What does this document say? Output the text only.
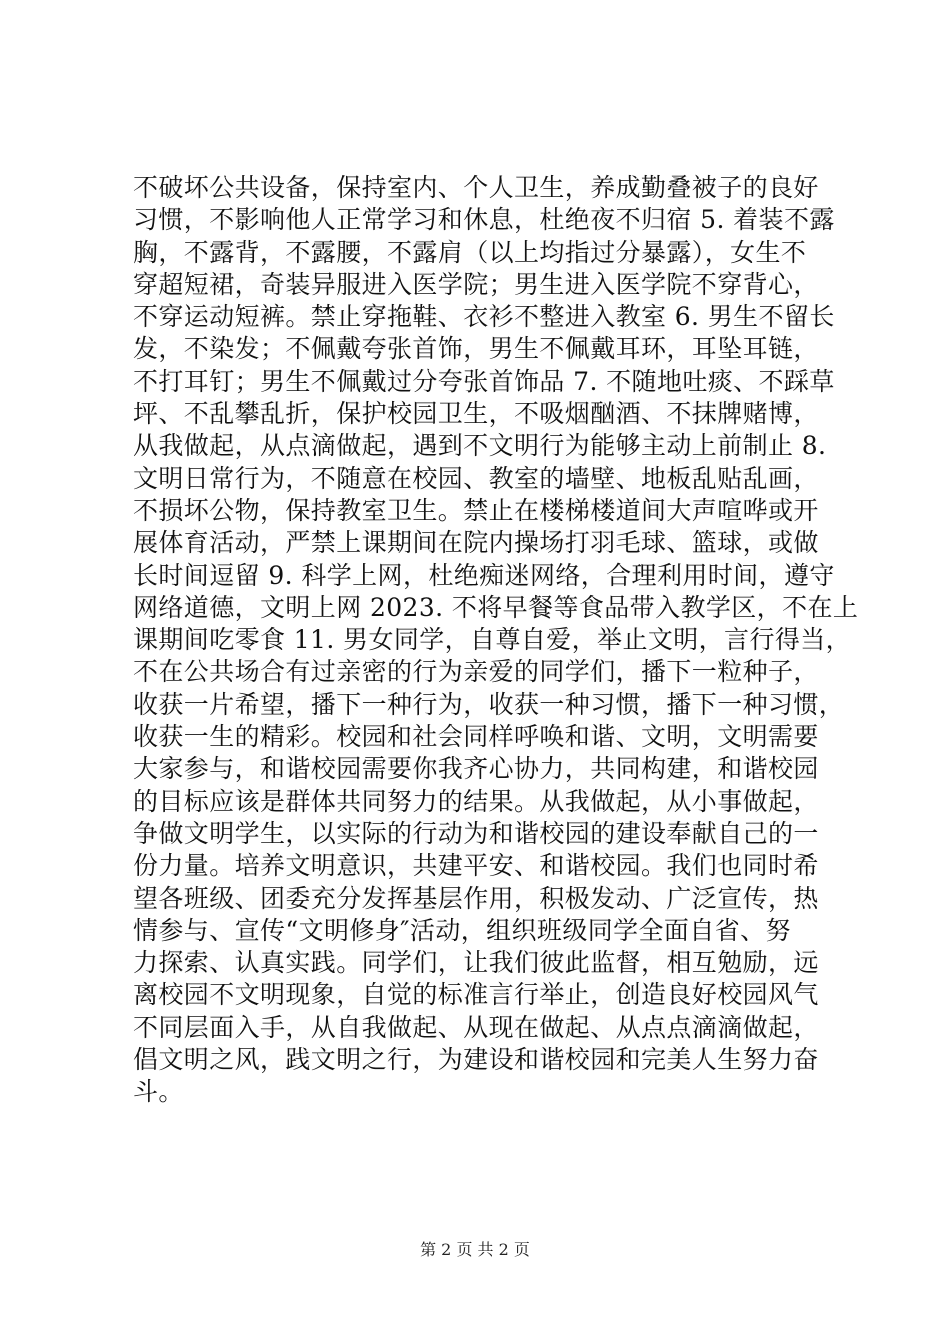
不破坏公共设备，保持室内、个人卫生，养成勤叠被子的良好
习惯，不影响他人正常学习和休息，杜绝夜不归宿 5. 着装不露
胸，不露背，不露腰，不露肩（以上均指过分暴露），女生不
穿超短裙，奇装异服进入医学院；男生进入医学院不穿背心，
不穿运动短裤。禁止穿拖鞋、衣衫不整进入教室 6. 男生不留长
发，不染发；不佩戴夸张首饰，男生不佩戴耳环，耳坠耳链，
不打耳钉；男生不佩戴过分夸张首饰品 7. 不随地吐痰、不踩草
坪、不乱攀乱折，保护校园卫生，不吸烟酗酒、不抹牌赌博，
从我做起，从点滴做起，遇到不文明行为能够主动上前制止 8.
文明日常行为，不随意在校园、教室的墙壁、地板乱贴乱画，
不损坏公物，保持教室卫生。禁止在楼梯楼道间大声喧哗或开
展体育活动，严禁上课期间在院内操场打羽毛球、篮球，或做
长时间逗留 9. 科学上网，杜绝痴迷网络，合理利用时间，遵守
网络道德，文明上网 2023. 不将早餐等食品带入教学区，不在上
课期间吃零食 11. 男女同学，自尊自爱，举止文明，言行得当，
不在公共场合有过亲密的行为亲爱的同学们，播下一粒种子，
收获一片希望，播下一种行为，收获一种习惯，播下一种习惯，
收获一生的精彩。校园和社会同样呼唤和谐、文明，文明需要
大家参与，和谐校园需要你我齐心协力，共同构建，和谐校园
的目标应该是群体共同努力的结果。从我做起，从小事做起，
争做文明学生，以实际的行动为和谐校园的建设奉献自己的一
份力量。培养文明意识，共建平安、和谐校园。我们也同时希
望各班级、团委充分发挥基层作用，积极发动、广泛宣传，热
情参与、宣传“文明修身″活动，组织班级同学全面自省、努
力探索、认真实践。同学们，让我们彼此监督，相互勉励，远
离校园不文明现象，自觉的标准言行举止，创造良好校园风气
不同层面入手，从自我做起、从现在做起、从点点滴滴做起，
倡文明之风，践文明之行，为建设和谐校园和完美人生努力奋
斗。
第 2 页 共 2 页
